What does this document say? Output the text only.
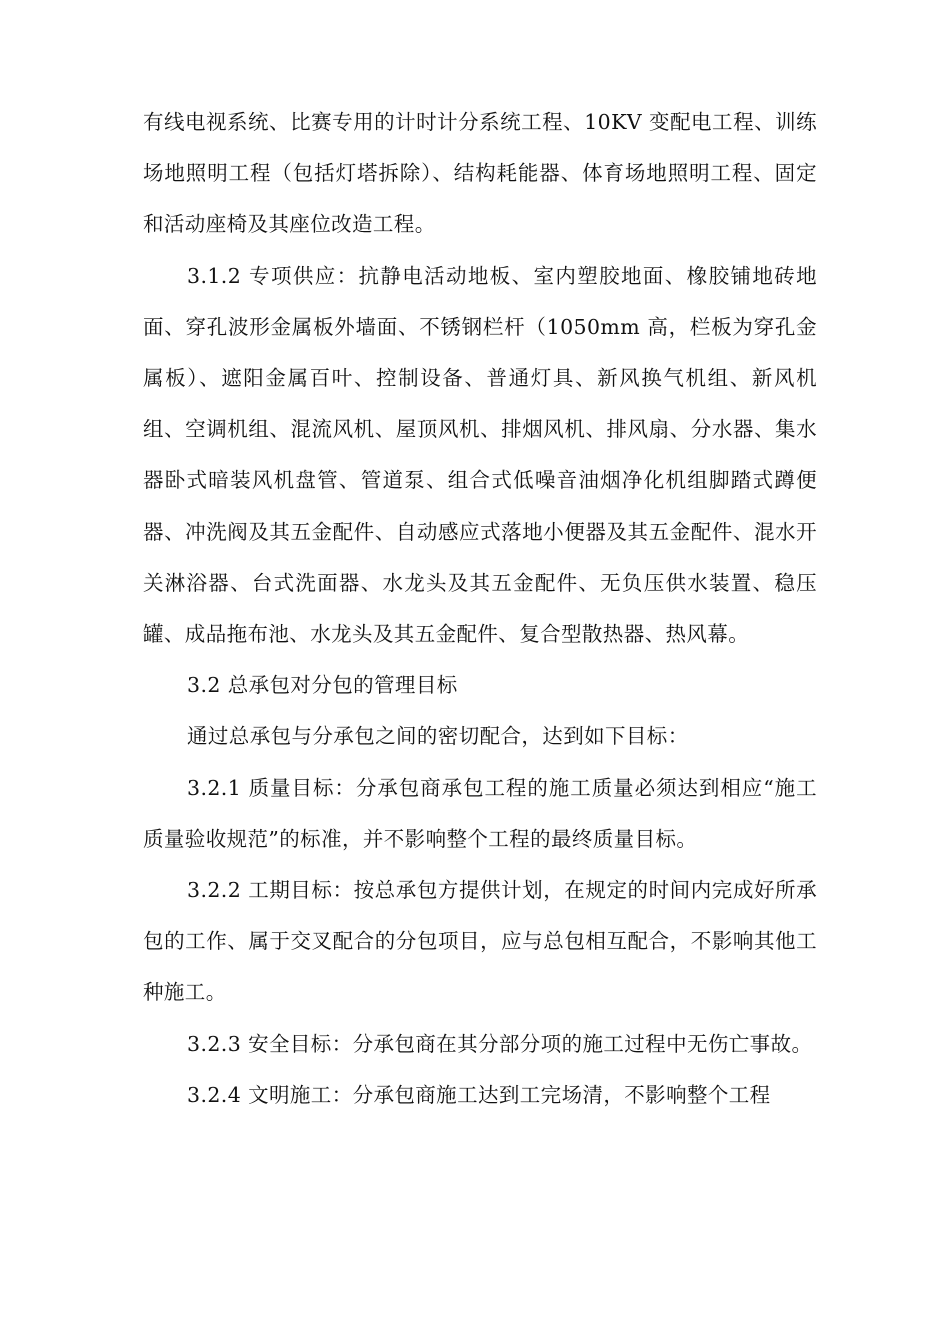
有线电视系统、比赛专用的计时计分系统工程、10KV 变配电工程、训练场地照明工程（包括灯塔拆除）、结构耗能器、体育场地照明工程、固定和活动座椅及其座位改造工程。

3.1.2 专项供应：抗静电活动地板、室内塑胶地面、橡胶铺地砖地面、穿孔波形金属板外墙面、不锈钢栏杆（1050mm 高，栏板为穿孔金属板）、遮阳金属百叶、控制设备、普通灯具、新风换气机组、新风机组、空调机组、混流风机、屋顶风机、排烟风机、排风扇、分水器、集水器卧式暗装风机盘管、管道泵、组合式低噪音油烟净化机组脚踏式蹲便器、冲洗阀及其五金配件、自动感应式落地小便器及其五金配件、混水开关淋浴器、台式洗面器、水龙头及其五金配件、无负压供水装置、稳压罐、成品拖布池、水龙头及其五金配件、复合型散热器、热风幕。

3.2 总承包对分包的管理目标

通过总承包与分承包之间的密切配合，达到如下目标：

3.2.1 质量目标：分承包商承包工程的施工质量必须达到相应“施工质量验收规范”的标准，并不影响整个工程的最终质量目标。

3.2.2 工期目标：按总承包方提供计划，在规定的时间内完成好所承包的工作、属于交叉配合的分包项目，应与总包相互配合，不影响其他工种施工。

3.2.3 安全目标：分承包商在其分部分项的施工过程中无伤亡事故。

3.2.4 文明施工：分承包商施工达到工完场清，不影响整个工程
